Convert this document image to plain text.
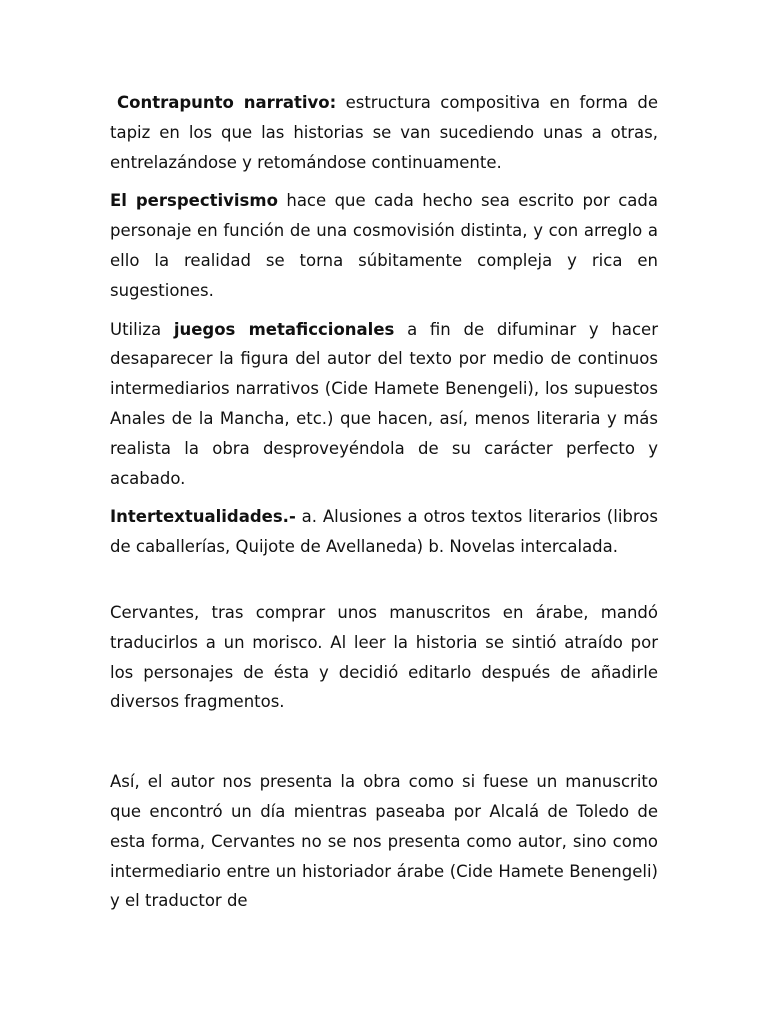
Contrapunto narrativo: estructura compositiva en forma de tapiz en los que las historias se van sucediendo unas a otras, entrelazándose y retomándose continuamente.

El perspectivismo hace que cada hecho sea escrito por cada personaje en función de una cosmovisión distinta, y con arreglo a ello la realidad se torna súbitamente compleja y rica en sugestiones.

Utiliza juegos metaficcionales a fin de difuminar y hacer desaparecer la figura del autor del texto por medio de continuos intermediarios narrativos (Cide Hamete Benengeli), los supuestos Anales de la Mancha, etc.) que hacen, así, menos literaria y más realista la obra desproveyéndola de su carácter perfecto y acabado.

Intertextualidades.- a. Alusiones a otros textos literarios (libros de caballerías, Quijote de Avellaneda) b. Novelas intercalada.

Cervantes, tras comprar unos manuscritos en árabe, mandó traducirlos a un morisco. Al leer la historia se sintió atraído por los personajes de ésta y decidió editarlo después de añadirle diversos fragmentos.

Así, el autor nos presenta la obra como si fuese un manuscrito que encontró un día mientras paseaba por Alcalá de Toledo de esta forma, Cervantes no se nos presenta como autor, sino como intermediario entre un historiador árabe (Cide Hamete Benengeli) y el traductor de
